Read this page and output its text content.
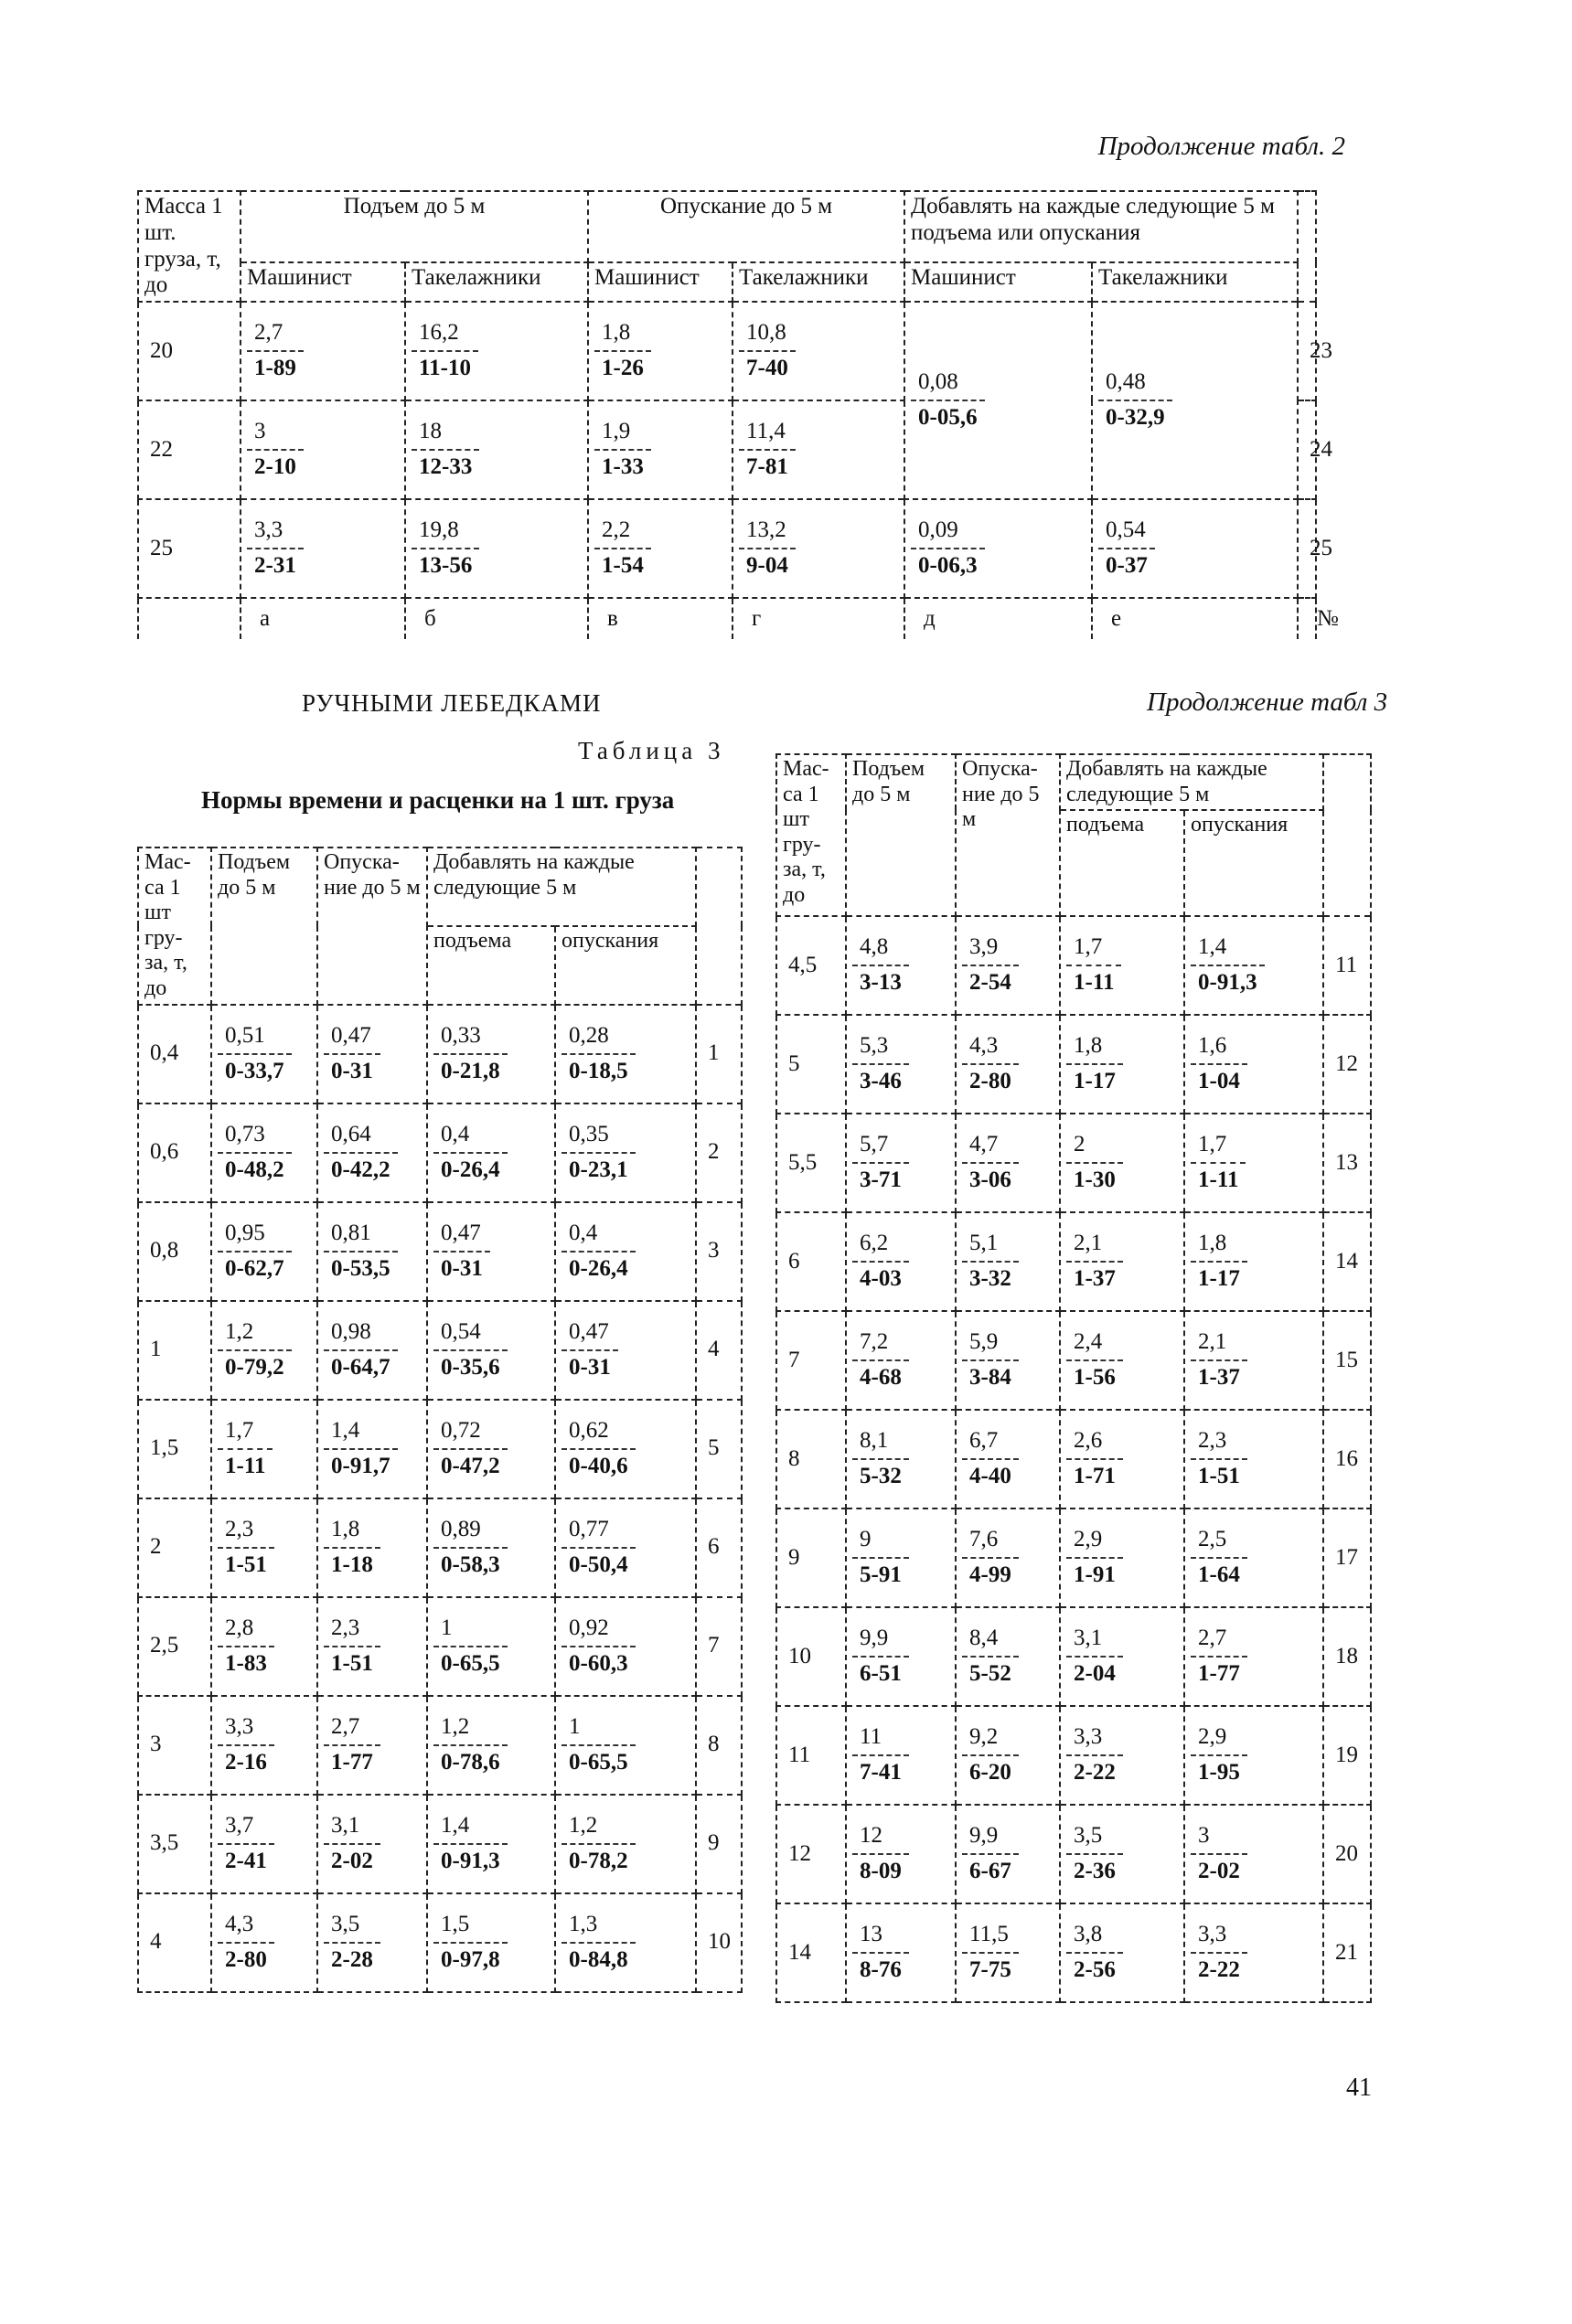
Продолжение табл. 2
Масса 1 шт. груза, т, до	Подъем до 5 м		Опускание до 5 м		Добавлять на каждые следующие 5 м подъема или опускания		
	Машинист	Такелажники	Машинист	Такелажники	Машинист	Такелажники	
20	$\frac{2,7}{1-89}$	$\frac{16,2}{11-10}$	$\frac{1,8}{1-26}$	$\frac{10,8}{7-40}$	$\frac{0,08}{0-05,6}$	$\frac{0,48}{0-32,9}$	23
22	$\frac{3}{2-10}$	$\frac{18}{12-33}$	$\frac{1,9}{1-33}$	$\frac{11,4}{7-81}$			24
25	$\frac{3,3}{2-31}$	$\frac{19,8}{13-56}$	$\frac{2,2}{1-54}$	$\frac{13,2}{9-04}$	$\frac{0,09}{0-06,3}$	$\frac{0,54}{0-37}$	25
	а	б	в	г	д	е	№
РУЧНЫМИ ЛЕБЕДКАМИ	Продолжение табл 3
Таблица 3
Нормы времени и расценки на 1 шт. груза
Мас-са 1 шт гру-за, т, до	Подъем до 5 м	Опуска-ние до 5 м	Добавлять на каждые следующие 5 м		
			подъема	опускания	
0,4	$\frac{0,51}{0-33,7}$	$\frac{0,47}{0-31}$	$\frac{0,33}{0-21,8}$	$\frac{0,28}{0-18,5}$	1
0,6	$\frac{0,73}{0-48,2}$	$\frac{0,64}{0-42,2}$	$\frac{0,4}{0-26,4}$	$\frac{0,35}{0-23,1}$	2
0,8	$\frac{0,95}{0-62,7}$	$\frac{0,81}{0-53,5}$	$\frac{0,47}{0-31}$	$\frac{0,4}{0-26,4}$	3
1	$\frac{1,2}{0-79,2}$	$\frac{0,98}{0-64,7}$	$\frac{0,54}{0-35,6}$	$\frac{0,47}{0-31}$	4
1,5	$\frac{1,7}{1-11}$	$\frac{1,4}{0-91,7}$	$\frac{0,72}{0-47,2}$	$\frac{0,62}{0-40,6}$	5
2	$\frac{2,3}{1-51}$	$\frac{1,8}{1-18}$	$\frac{0,89}{0-58,3}$	$\frac{0,77}{0-50,4}$	6
2,5	$\frac{2,8}{1-83}$	$\frac{2,3}{1-51}$	$\frac{1}{0-65,5}$	$\frac{0,92}{0-60,3}$	7
3	$\frac{3,3}{2-16}$	$\frac{2,7}{1-77}$	$\frac{1,2}{0-78,6}$	$\frac{1}{0-65,5}$	8
3,5	$\frac{3,7}{2-41}$	$\frac{3,1}{2-02}$	$\frac{1,4}{0-91,3}$	$\frac{1,2}{0-78,2}$	9
4	$\frac{4,3}{2-80}$	$\frac{3,5}{2-28}$	$\frac{1,5}{0-97,8}$	$\frac{1,3}{0-84,8}$	10
Мас-са 1 шт гру-за, т, до	Подъем до 5 м	Опуска-ние до 5 м	Добавлять на каждые следующие 5 м		
			подъема	опускания	
4,5	$\frac{4,8}{3-13}$	$\frac{3,9}{2-54}$	$\frac{1,7}{1-11}$	$\frac{1,4}{0-91,3}$	11
5	$\frac{5,3}{3-46}$	$\frac{4,3}{2-80}$	$\frac{1,8}{1-17}$	$\frac{1,6}{1-04}$	12
5,5	$\frac{5,7}{3-71}$	$\frac{4,7}{3-06}$	$\frac{2}{1-30}$	$\frac{1,7}{1-11}$	13
6	$\frac{6,2}{4-03}$	$\frac{5,1}{3-32}$	$\frac{2,1}{1-37}$	$\frac{1,8}{1-17}$	14
7	$\frac{7,2}{4-68}$	$\frac{5,9}{3-84}$	$\frac{2,4}{1-56}$	$\frac{2,1}{1-37}$	15
8	$\frac{8,1}{5-32}$	$\frac{6,7}{4-40}$	$\frac{2,6}{1-71}$	$\frac{2,3}{1-51}$	16
9	$\frac{9}{5-91}$	$\frac{7,6}{4-99}$	$\frac{2,9}{1-91}$	$\frac{2,5}{1-64}$	17
10	$\frac{9,9}{6-51}$	$\frac{8,4}{5-52}$	$\frac{3,1}{2-04}$	$\frac{2,7}{1-77}$	18
11	$\frac{11}{7-41}$	$\frac{9,2}{6-20}$	$\frac{3,3}{2-22}$	$\frac{2,9}{1-95}$	19
12	$\frac{12}{8-09}$	$\frac{9,9}{6-67}$	$\frac{3,5}{2-36}$	$\frac{3}{2-02}$	20
14	$\frac{13}{8-76}$	$\frac{11,5}{7-75}$	$\frac{3,8}{2-56}$	$\frac{3,3}{2-22}$	21
41
